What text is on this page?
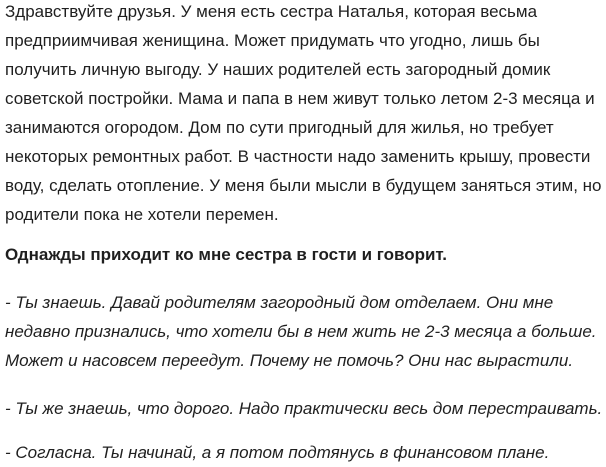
Здравствуйте друзья. У меня есть сестра Наталья, которая весьма
предприимчивая женищина. Может придумать что угодно, лишь бы
получить личную выгоду. У наших родителей есть загородный домик
советской постройки. Мама и папа в нем живут только летом 2-3 месяца и
занимаются огородом. Дом по сути пригодный для жилья, но требует
некоторых ремонтных работ. В частности надо заменить крышу, провести
воду, сделать отопление. У меня были мысли в будущем заняться этим, но
родители пока не хотели перемен.

Однажды приходит ко мне сестра в гости и говорит.

- Ты знаешь. Давай родителям загородный дом отделаем. Они мне
недавно признались, что хотели бы в нем жить не 2-3 месяца а больше.
Может и насовсем переедут. Почему не помочь? Они нас вырастили.

- Ты же знаешь, что дорого. Надо практически весь дом перестраивать.

- Согласна. Ты начинай, а я потом подтянусь в финансовом плане.
